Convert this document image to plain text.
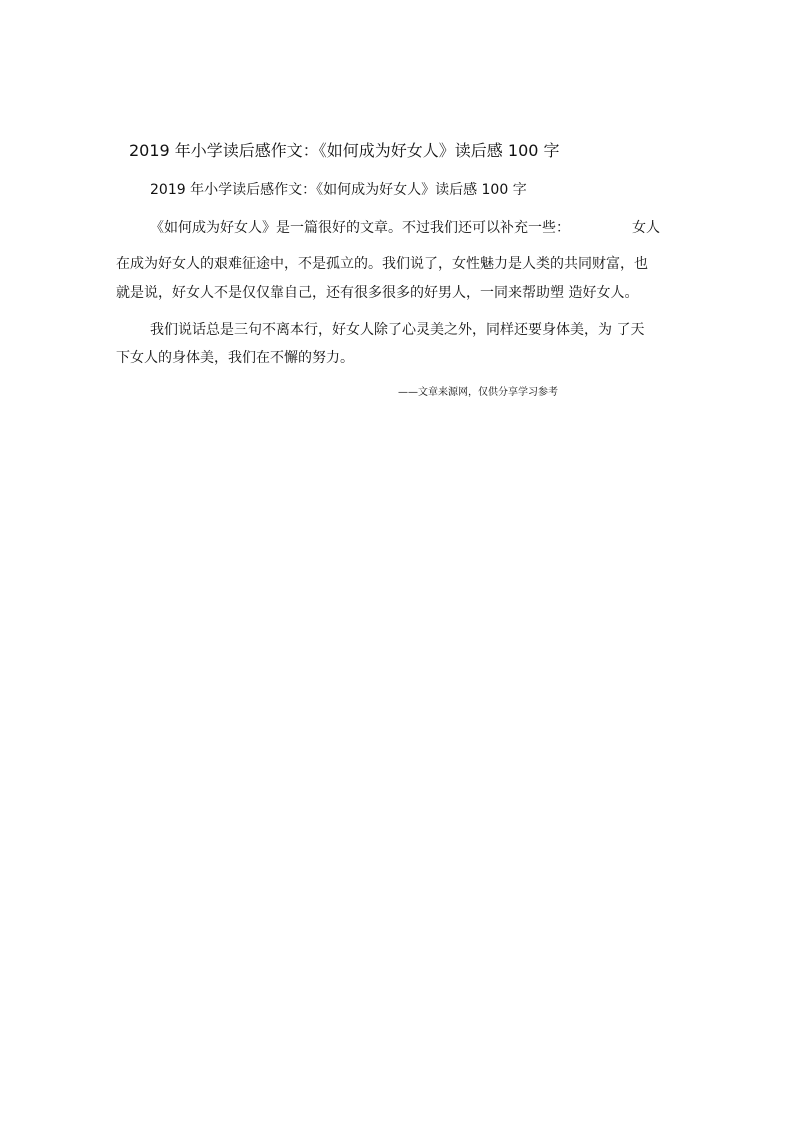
2019 年小学读后感作文：《如何成为好女人》读后感 100 字
2019 年小学读后感作文：《如何成为好女人》读后感 100 字
《如何成为好女人》是一篇很好的文章。不过我们还可以补充一些：	女人
在成为好女人的艰难征途中，不是孤立的。我们说了，女性魅力是人类的共同财富，也
就是说，好女人不是仅仅靠自己，还有很多很多的好男人，一同来帮助塑 造好女人。
我们说话总是三句不离本行，好女人除了心灵美之外，同样还要身体美，为 了天
下女人的身体美，我们在不懈的努力。
——文章来源网，仅供分享学习参考
